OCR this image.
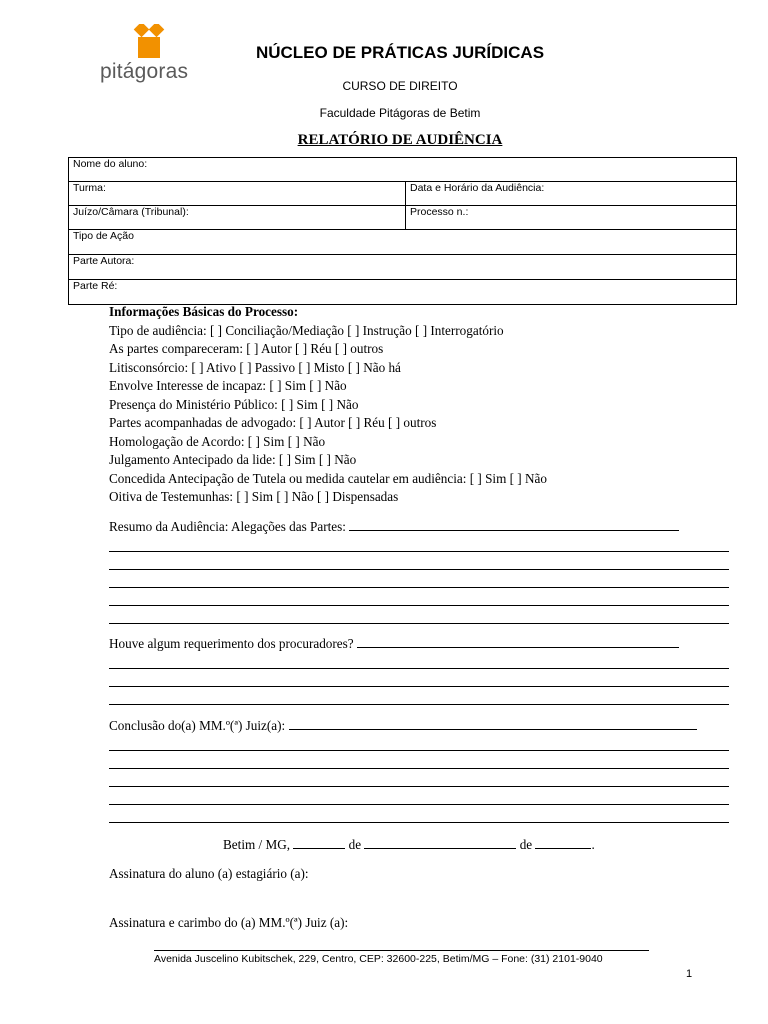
pitágoras
NÚCLEO DE PRÁTICAS JURÍDICAS
CURSO DE DIREITO
Faculdade Pitágoras de Betim
RELATÓRIO DE AUDIÊNCIA
Nome do aluno:	
Turma:	Data e Horário da Audiência:
Juízo/Câmara (Tribunal):	Processo n.:
Tipo de Ação	
Parte Autora:	
Parte Ré:	
Informações Básicas do Processo:
Tipo de audiência: [ ] Conciliação/Mediação [ ] Instrução [ ] Interrogatório
As partes compareceram: [ ] Autor [ ] Réu [ ] outros
Litisconsórcio: [ ] Ativo [ ] Passivo [ ] Misto [ ] Não há
Envolve Interesse de incapaz: [ ] Sim [ ] Não
Presença do Ministério Público: [ ] Sim [ ] Não
Partes acompanhadas de advogado: [ ] Autor [ ] Réu [ ] outros
Homologação de Acordo: [ ] Sim [ ] Não
Julgamento Antecipado da lide: [ ] Sim [ ] Não
Concedida Antecipação de Tutela ou medida cautelar em audiência: [ ] Sim [ ] Não
Oitiva de Testemunhas: [ ] Sim [ ] Não [ ] Dispensadas
Resumo da Audiência: Alegações das Partes:
Houve algum requerimento dos procuradores?
Conclusão do(a) MM.º(ª) Juiz(a):
Betim / MG,	de	de	.
Assinatura do aluno (a) estagiário (a):
Assinatura e carimbo do (a) MM.º(ª) Juiz (a):
Avenida Juscelino Kubitschek, 229, Centro, CEP: 32600-225, Betim/MG – Fone: (31) 2101-9040
1
